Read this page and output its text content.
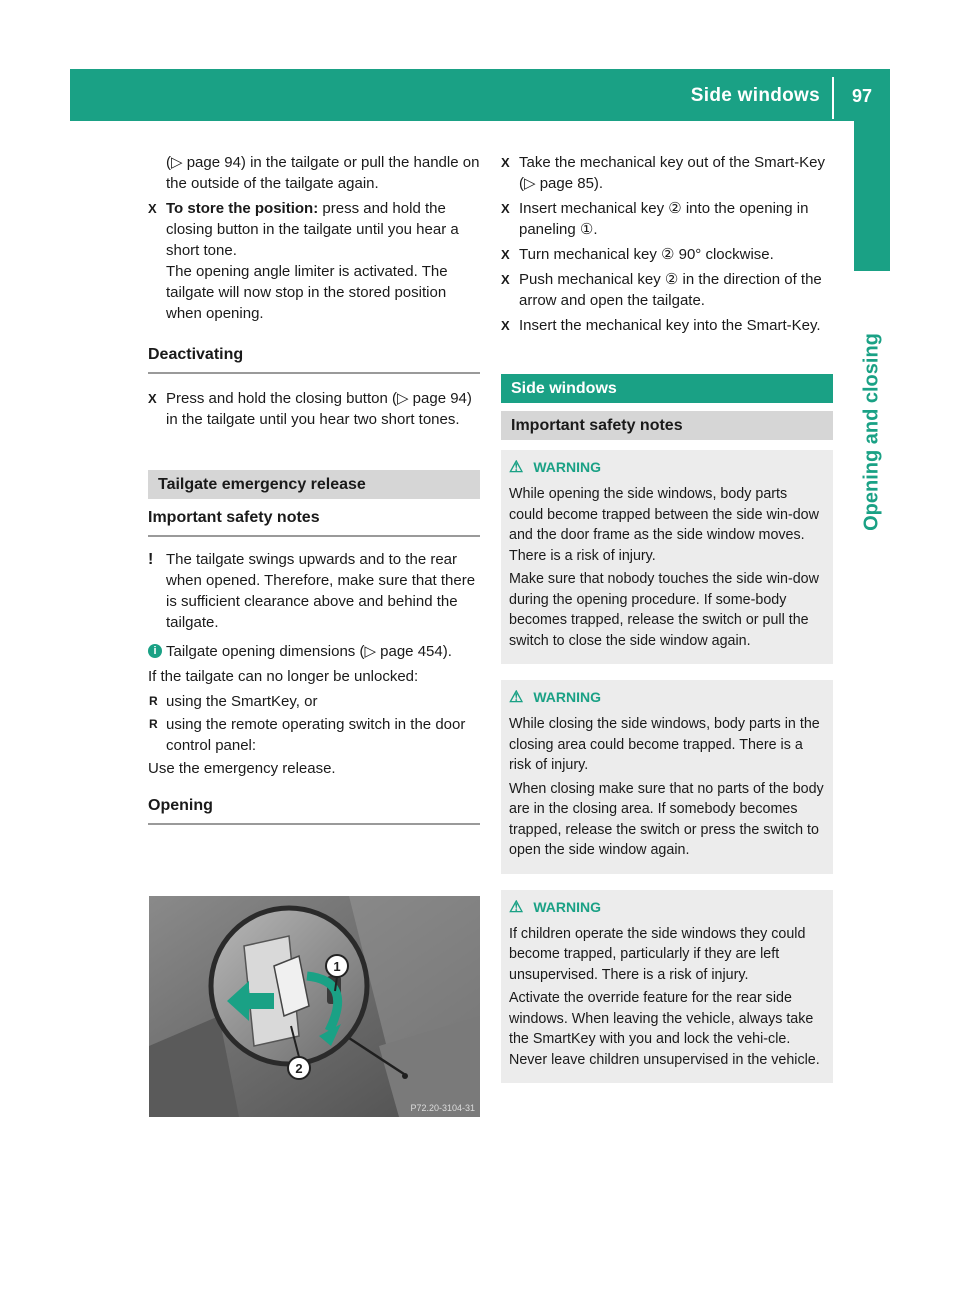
Side windows 97
Opening and closing

(▷ page 94) in the tailgate or pull the handle on the outside of the tailgate again.

X To store the position: press and hold the closing button in the tailgate until you hear a short tone.
The opening angle limiter is activated. The tailgate will now stop in the stored position when opening.
Deactivating
X Press and hold the closing button (▷ page 94) in the tailgate until you hear two short tones.
Tailgate emergency release
Important safety notes
! The tailgate swings upwards and to the rear when opened. Therefore, make sure that there is sufficient clearance above and behind the tailgate.
i Tailgate opening dimensions (▷ page 454).

If the tailgate can no longer be unlocked:

R using the SmartKey, or
R using the remote operating switch in the door control panel:

Use the emergency release.

Opening
1
2
P72.20-3104-31
X Take the mechanical key out of the Smart-Key (▷ page 85).
X Insert mechanical key ② into the opening in paneling ①.
X Turn mechanical key ② 90° clockwise.
X Push mechanical key ② in the direction of the arrow and open the tailgate.
X Insert the mechanical key into the Smart-Key.
Side windows
Important safety notes
⚠ WARNING

While opening the side windows, body parts could become trapped between the side win-dow and the door frame as the side window moves. There is a risk of injury.

Make sure that nobody touches the side win-dow during the opening procedure. If some-body becomes trapped, release the switch or pull the switch to close the side window again.

⚠ WARNING

While closing the side windows, body parts in the closing area could become trapped. There is a risk of injury.

When closing make sure that no parts of the body are in the closing area. If somebody becomes trapped, release the switch or press the switch to open the side window again.

⚠ WARNING

If children operate the side windows they could become trapped, particularly if they are left unsupervised. There is a risk of injury.

Activate the override feature for the rear side windows. When leaving the vehicle, always take the SmartKey with you and lock the vehi-cle. Never leave children unsupervised in the vehicle.
